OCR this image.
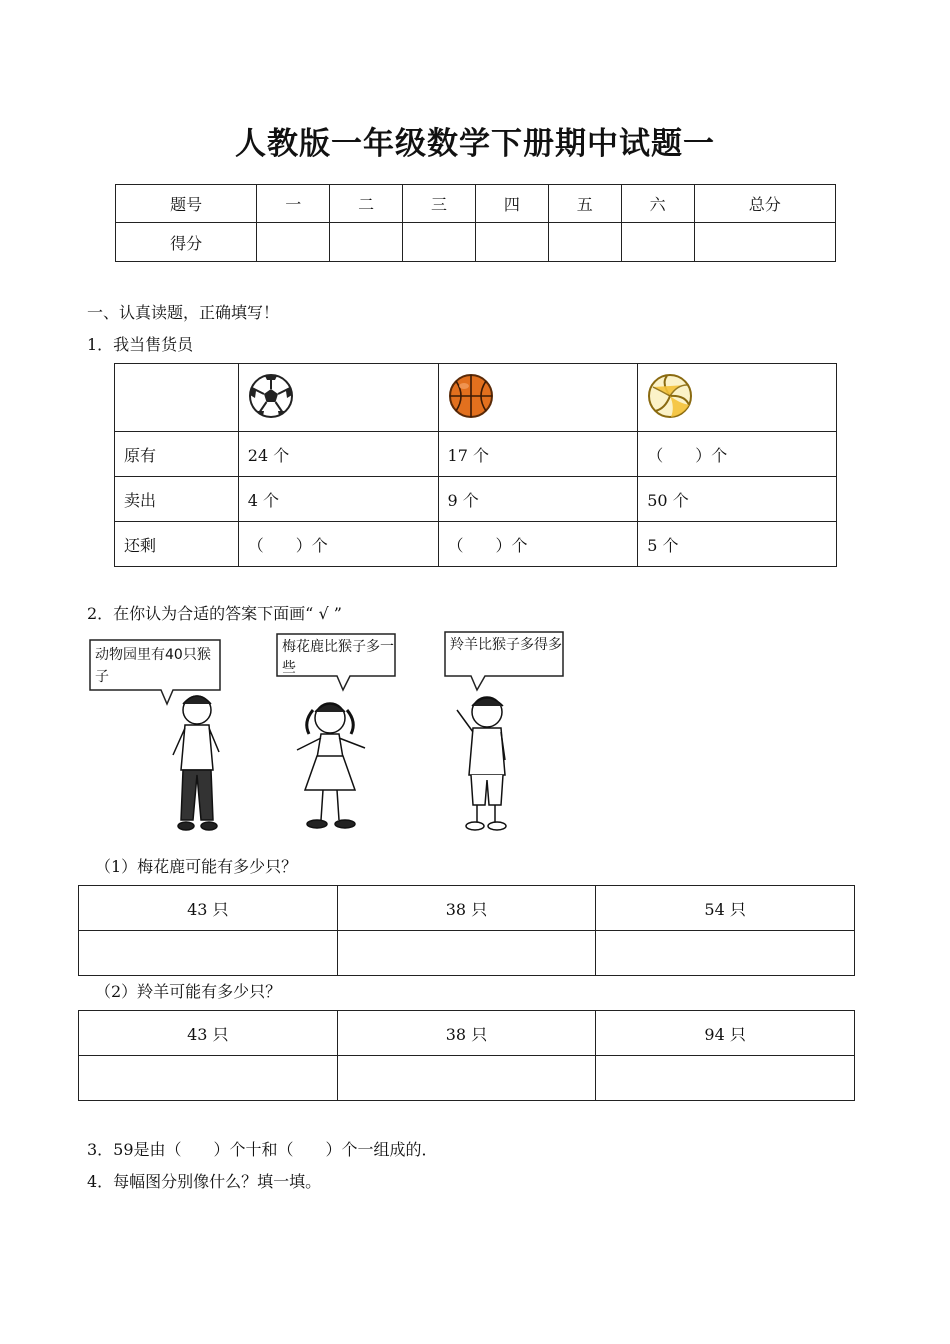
人教版一年级数学下册期中试题一
题号	一	二	三	四	五	六	总分
得分							
一、认真读题，正确填写！
1．我当售货员

原有	24 个	17 个	（　　）个
卖出	4 个	9 个	50 个
还剩	（　　）个	（　　）个	5 个
2．在你认为合适的答案下面画“ √ ”
动物园里有40只猴子
梅花鹿比猴子多一些
羚羊比猴子多得多
（1）梅花鹿可能有多少只？
43 只	38 只	54 只

（2）羚羊可能有多少只？
43 只	38 只	94 只

3．59是由（　　）个十和（　　）个一组成的．
4．每幅图分别像什么？填一填。
